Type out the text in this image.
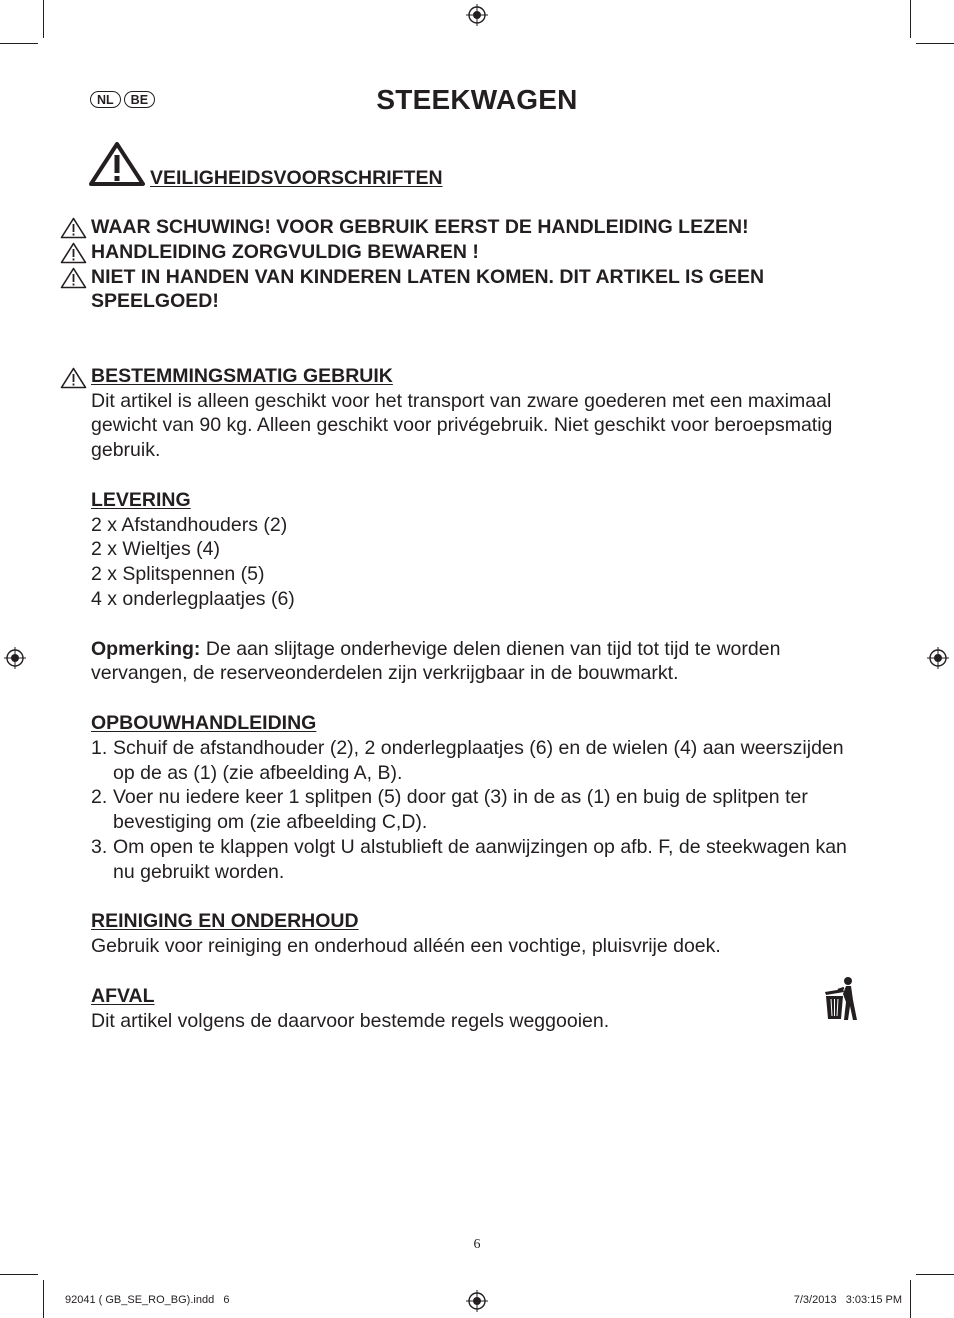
NL	BE	STEEKWAGEN
VEILIGHEIDSVOORSCHRIFTEN
WAAR SCHUWING! VOOR GEBRUIK EERST DE HANDLEIDING LEZEN!
HANDLEIDING ZORGVULDIG BEWAREN !
NIET IN HANDEN VAN KINDEREN LATEN KOMEN. DIT ARTIKEL IS GEEN SPEELGOED!
BESTEMMINGSMATIG GEBRUIK
Dit artikel is alleen geschikt voor het transport van zware goederen met een maximaal gewicht van 90 kg. Alleen geschikt voor privégebruik. Niet geschikt voor beroepsmatig gebruik.
LEVERING
2 x Afstandhouders (2)
2 x Wieltjes (4)
2 x Splitspennen (5)
4 x onderlegplaatjes (6)
Opmerking: De aan slijtage onderhevige delen dienen van tijd tot tijd te worden vervangen, de reserveonderdelen zijn verkrijgbaar in de bouwmarkt.
OPBOUWHANDLEIDING
1. Schuif de afstandhouder (2), 2 onderlegplaatjes (6) en de wielen (4) aan weerszijden op de as (1) (zie afbeelding A, B).
2. Voer nu iedere keer 1 splitpen (5) door gat (3) in de as (1) en buig de splitpen ter bevestiging om (zie afbeelding C,D).
3. Om open te klappen volgt U alstublieft de aanwijzingen op afb. F, de steekwagen kan nu gebruikt worden.
REINIGING EN ONDERHOUD
Gebruik voor reiniging en onderhoud alléén een vochtige, pluisvrije doek.
AFVAL
Dit artikel volgens de daarvoor bestemde regels weggooien.
6
92041 ( GB_SE_RO_BG).indd   6	7/3/2013   3:03:15 PM
